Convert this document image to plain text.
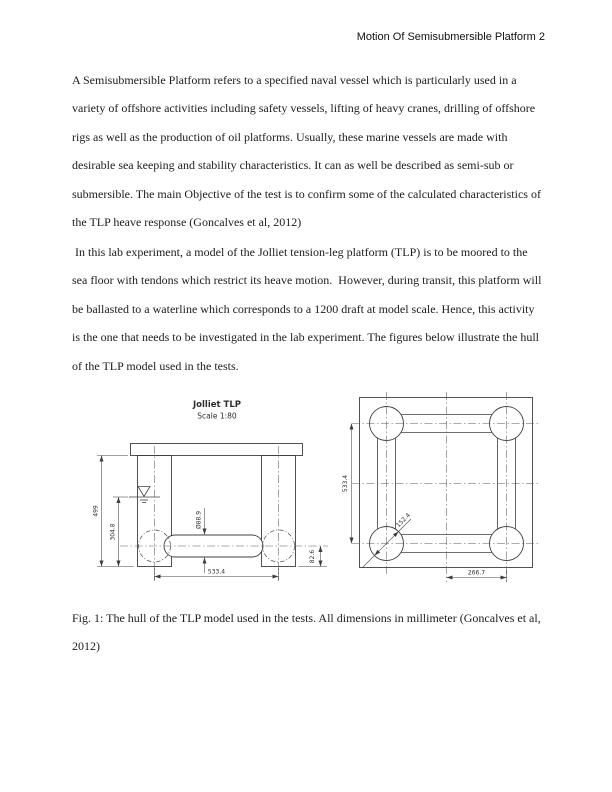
Motion Of Semisubmersible Platform 2
A Semisubmersible Platform refers to a specified naval vessel which is particularly used in a variety of offshore activities including safety vessels, lifting of heavy cranes, drilling of offshore rigs as well as the production of oil platforms. Usually, these marine vessels are made with desirable sea keeping and stability characteristics. It can as well be described as semi-sub or submersible. The main Objective of the test is to confirm some of the calculated characteristics of the TLP heave response (Goncalves et al, 2012)
In this lab experiment, a model of the Jolliet tension-leg platform (TLP) is to be moored to the sea floor with tendons which restrict its heave motion.  However, during transit, this platform will be ballasted to a waterline which corresponds to a 1200 draft at model scale. Hence, this activity is the one that needs to be investigated in the lab experiment. The figures below illustrate the hull of the TLP model used in the tests.
Jolliet TLP
Scale 1:80
499
304.8
Ø88.9
533.4
82.6
533.4
152.4
266.7
Fig. 1: The hull of the TLP model used in the tests. All dimensions in millimeter (Goncalves et al, 2012)
